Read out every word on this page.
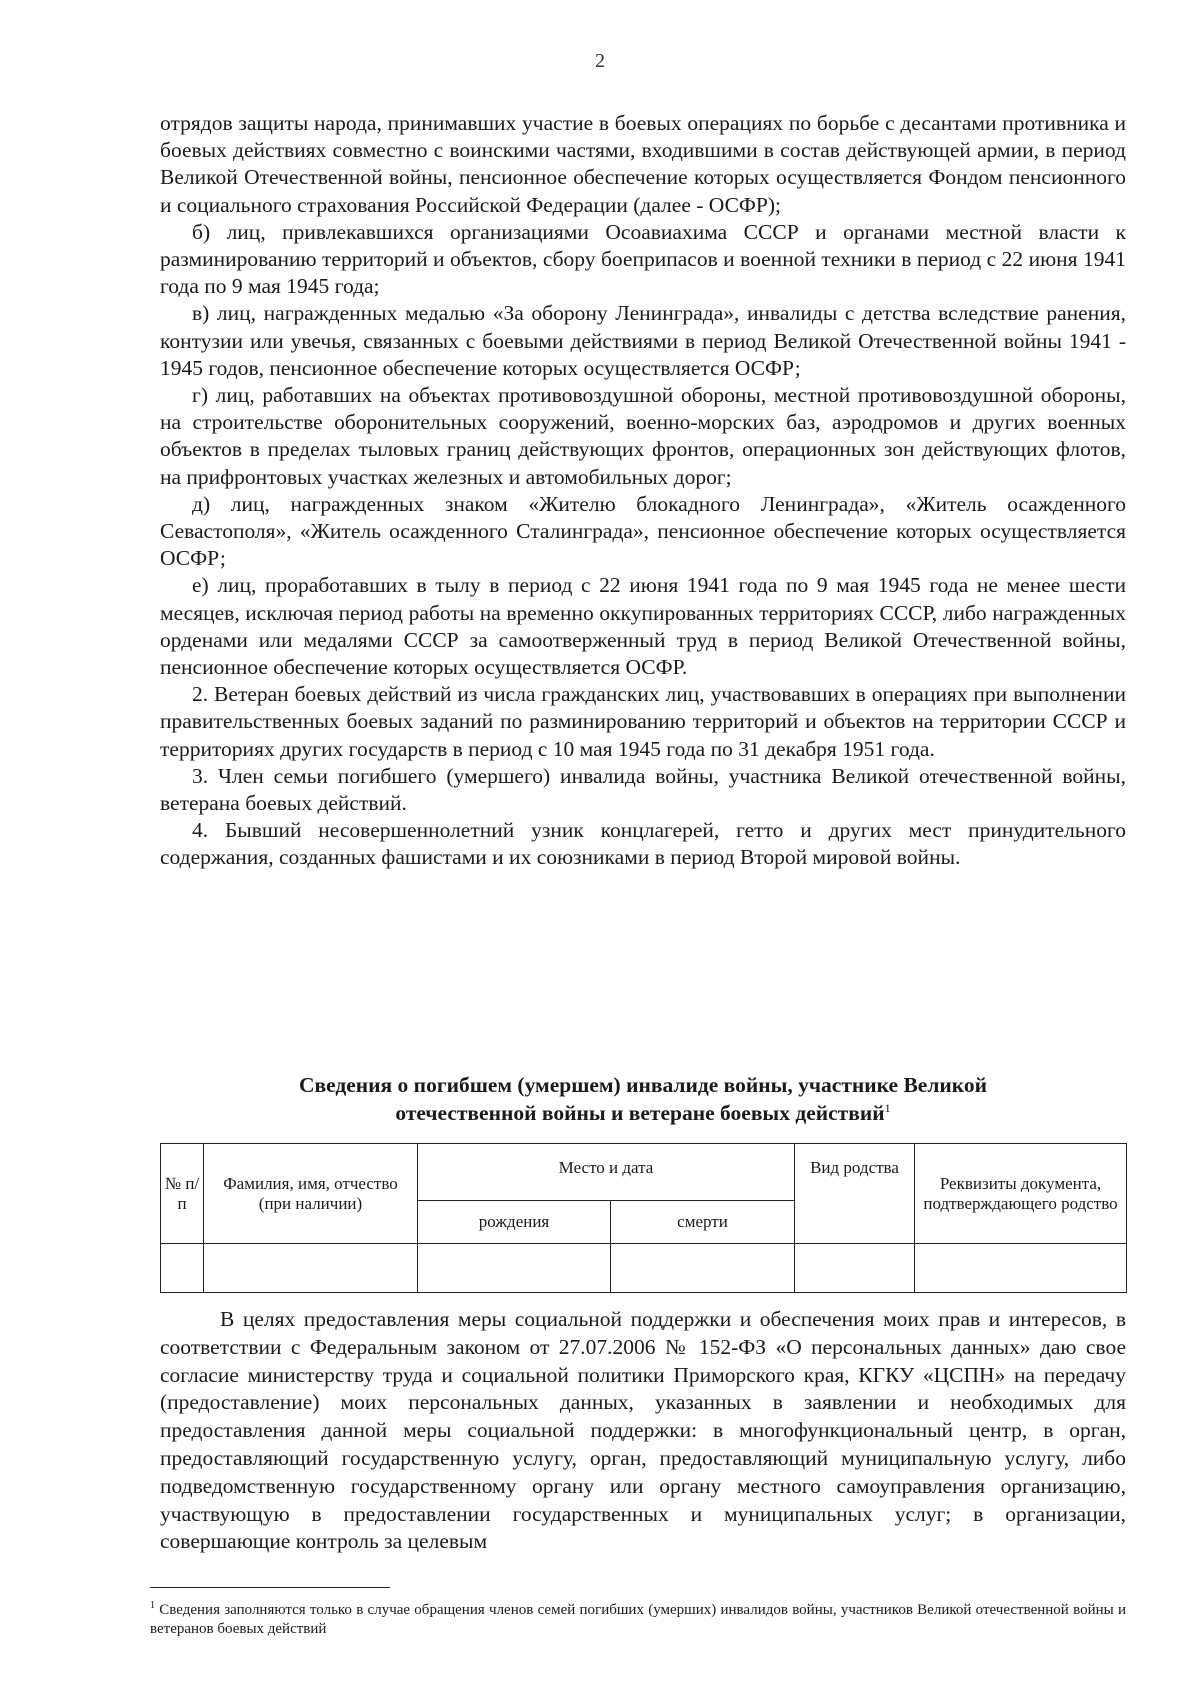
2

отрядов защиты народа, принимавших участие в боевых операциях по борьбе с десантами противника и боевых действиях совместно с воинскими частями, входившими в состав действующей армии, в период Великой Отечественной войны, пенсионное обеспечение которых осуществляется Фондом пенсионного и социального страхования Российской Федерации (далее - ОСФР);

б) лиц, привлекавшихся организациями Осоавиахима СССР и органами местной власти к разминированию территорий и объектов, сбору боеприпасов и военной техники в период с 22 июня 1941 года по 9 мая 1945 года;

в) лиц, награжденных медалью «За оборону Ленинграда», инвалиды с детства вследствие ранения, контузии или увечья, связанных с боевыми действиями в период Великой Отечественной войны 1941 - 1945 годов, пенсионное обеспечение которых осуществляется ОСФР;

г) лиц, работавших на объектах противовоздушной обороны, местной противовоздушной обороны, на строительстве оборонительных сооружений, военно-морских баз, аэродромов и других военных объектов в пределах тыловых границ действующих фронтов, операционных зон действующих флотов, на прифронтовых участках железных и автомобильных дорог;

д) лиц, награжденных знаком «Жителю блокадного Ленинграда», «Житель осажденного Севастополя», «Житель осажденного Сталинграда», пенсионное обеспечение которых осуществляется ОСФР;

е) лиц, проработавших в тылу в период с 22 июня 1941 года по 9 мая 1945 года не менее шести месяцев, исключая период работы на временно оккупированных территориях СССР, либо награжденных орденами или медалями СССР за самоотверженный труд в период Великой Отечественной войны, пенсионное обеспечение которых осуществляется ОСФР.

2. Ветеран боевых действий из числа гражданских лиц, участвовавших в операциях при выполнении правительственных боевых заданий по разминированию территорий и объектов на территории СССР и территориях других государств в период с 10 мая 1945 года по 31 декабря 1951 года.

3. Член семьи погибшего (умершего) инвалида войны, участника Великой отечественной войны, ветерана боевых действий.

4. Бывший несовершеннолетний узник концлагерей, гетто и других мест принудительного содержания, созданных фашистами и их союзниками в период Второй мировой войны.

Сведения о погибшем (умершем) инвалиде войны, участнике Великой
отечественной войны и ветеране боевых действий$^1$
№ п/п	Фамилия, имя, отчество (при наличии)	Место и дата		Вид родства	Реквизиты документа, подтверждающего родство
		рождения	смерти		

В целях предоставления меры социальной поддержки и обеспечения моих прав и интересов, в соответствии с Федеральным законом от 27.07.2006 № 152-ФЗ «О персональных данных» даю свое согласие министерству труда и социальной политики Приморского края, КГКУ «ЦСПН» на передачу (предоставление) моих персональных данных, указанных в заявлении и необходимых для предоставления данной меры социальной поддержки: в многофункциональный центр, в орган, предоставляющий государственную услугу, орган, предоставляющий муниципальную услугу, либо подведомственную государственному органу или органу местного самоуправления организацию, участвующую в предоставлении государственных и муниципальных услуг; в организации, совершающие контроль за целевым

$^1$ Сведения заполняются только в случае обращения членов семей погибших (умерших) инвалидов войны, участников Великой отечественной войны и ветеранов боевых действий
